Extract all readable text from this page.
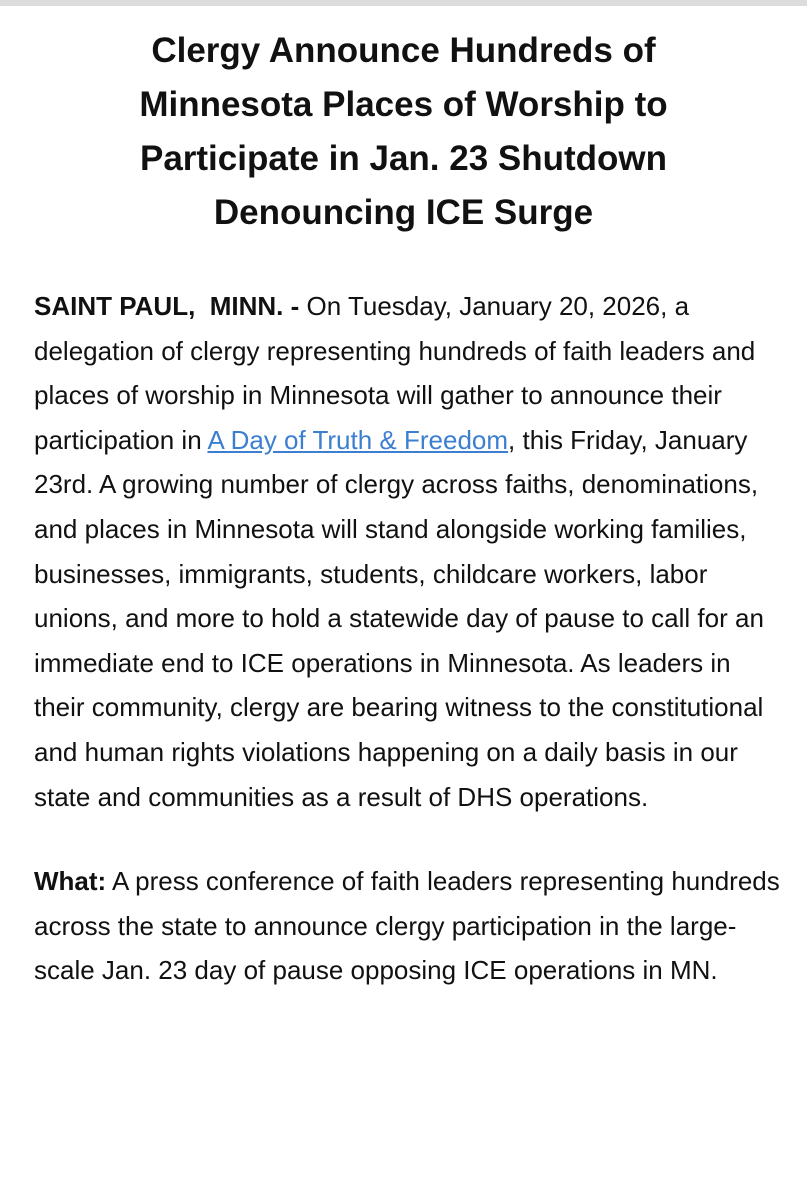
Clergy Announce Hundreds of
Minnesota Places of Worship to
Participate in Jan. 23 Shutdown
Denouncing ICE Surge

SAINT PAUL,  MINN. - On Tuesday, January 20, 2026, a delegation of clergy representing hundreds of faith leaders and places of worship in Minnesota will gather to announce their participation in A Day of Truth & Freedom, this Friday, January 23rd. A growing number of clergy across faiths, denominations, and places in Minnesota will stand alongside working families, businesses, immigrants, students, childcare workers, labor unions, and more to hold a statewide day of pause to call for an immediate end to ICE operations in Minnesota. As leaders in their community, clergy are bearing witness to the constitutional and human rights violations happening on a daily basis in our state and communities as a result of DHS operations.

What: A press conference of faith leaders representing hundreds across the state to announce clergy participation in the large-scale Jan. 23 day of pause opposing ICE operations in MN.
